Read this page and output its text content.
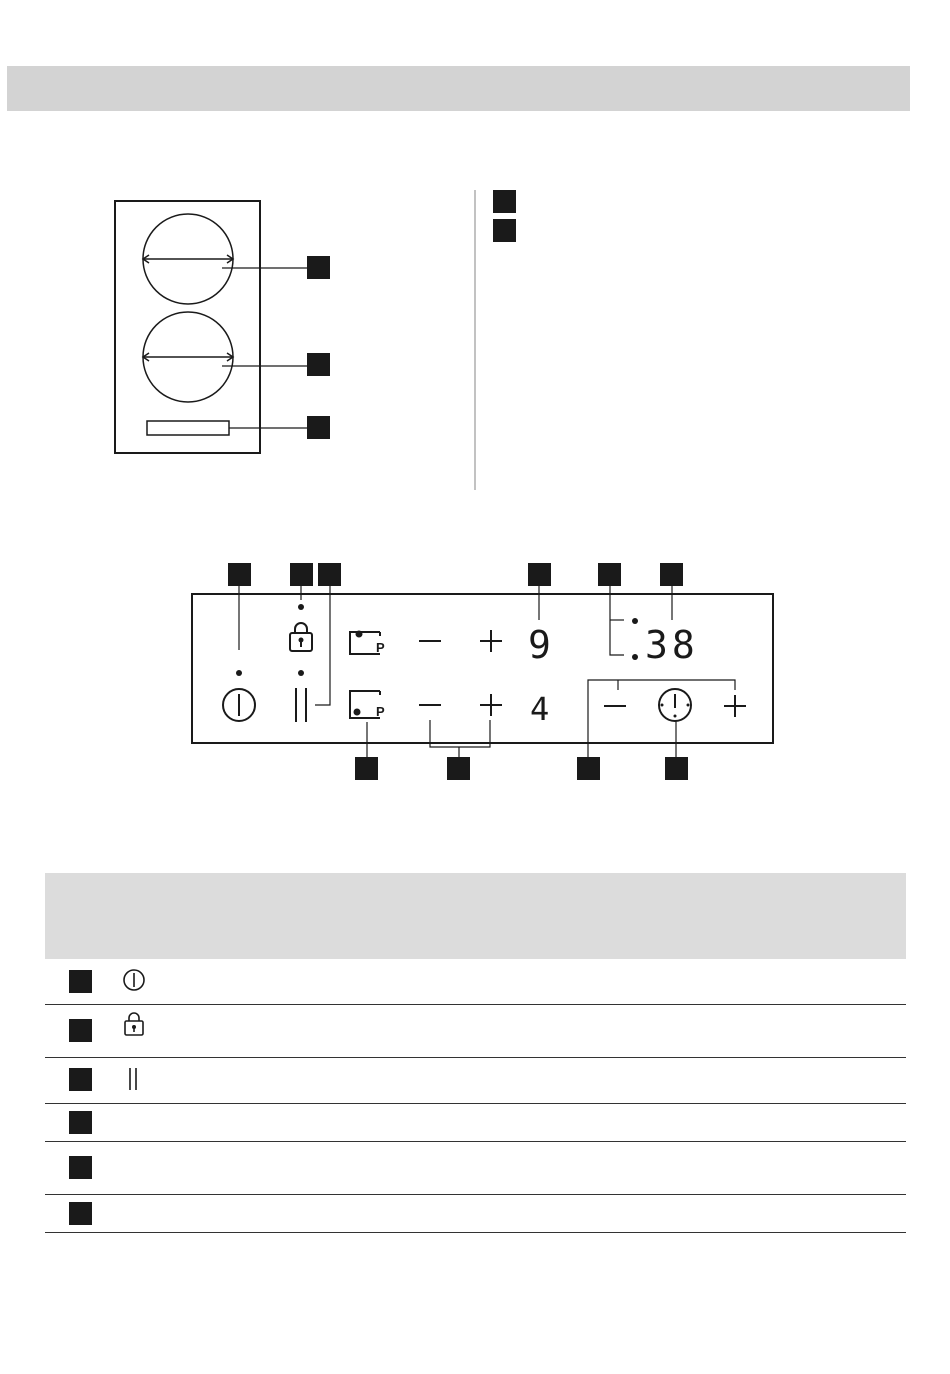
9
4
38
P
P
